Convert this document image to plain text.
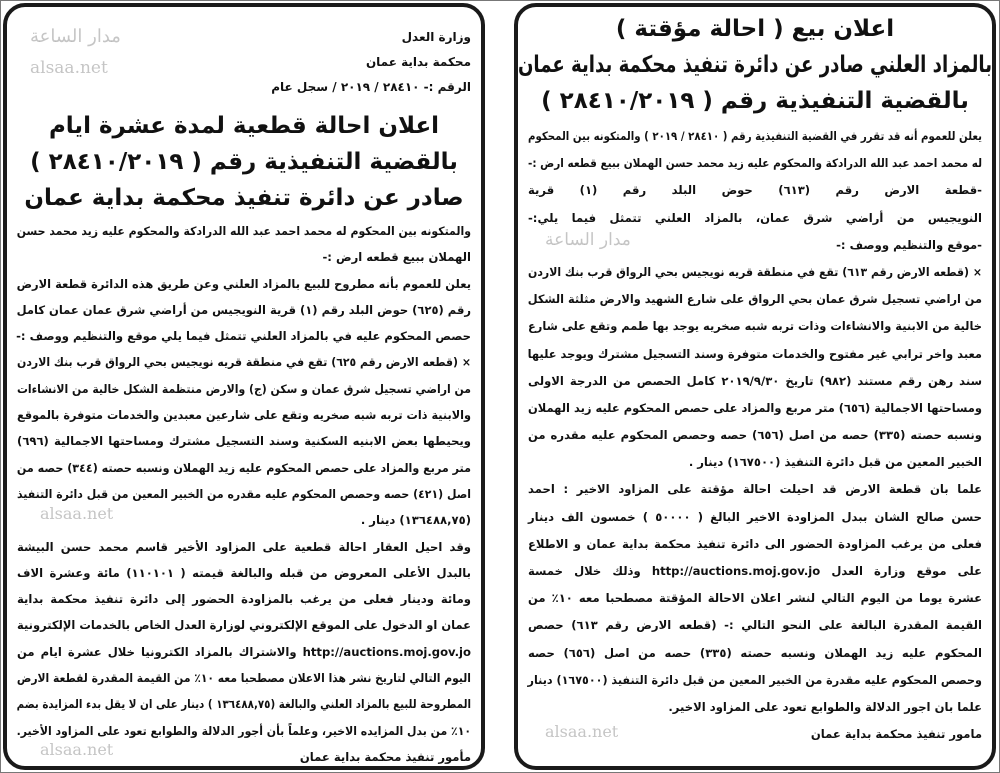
وزارة العدل
محكمة بداية عمان
الرقم :- ٢٨٤١٠ / ٢٠١٩ / سجل عام
اعلان احالة قطعية لمدة عشرة ايام
بالقضية التنفيذية رقم ( ٢٨٤١٠/٢٠١٩ )
صادر عن دائرة تنفيذ محكمة بداية عمان
والمتكونه بين المحكوم له محمد احمد عبد الله الدرادكة والمحكوم عليه زيد محمد حسن
الهملان ببيع قطعه ارض :-
يعلن للعموم بأنه مطروح للبيع بالمزاد العلني وعن طريق هذه الدائرة قطعة الارض
رقم (٦٢٥) حوض البلد رقم (١) قرية النويجيس من أراضي شرق عمان عمان كامل
حصص المحكوم عليه في بالمزاد العلني تتمثل فيما يلي موقع والتنظيم ووصف :-
× (قطعه الارض رقم ٦٢٥) تقع في منطقة قريه نويجيس بحي الرواق قرب بنك الاردن
من اراضي تسجيل شرق عمان و سكن (ج) والارض منتظمة الشكل خالية من الانشاءات
والابنية ذات تربه شبه صخريه وتقع على شارعين معبدين والخدمات متوفرة بالموقع
ويحيطها بعض الابنيه السكنية وسند التسجيل مشترك ومساحتها الاجمالية (٦٩٦)
متر مربع والمزاد على حصص المحكوم عليه زيد الهملان ونسبه حصته (٣٤٤) حصه من
اصل (٤٢١) حصه وحصص المحكوم عليه مقدره من الخبير المعين من قبل دائرة التنفيذ
(١٣٦٤٨٨,٧٥) دينار .
وقد احيل العقار احالة قطعية على المزاود الأخير قاسم محمد حسن البيشة
بالبدل الأعلى المعروض من قبله والبالغة قيمته ( ١١٠١٠١) مائة وعشرة الاف
ومائة ودينار فعلى من يرغب بالمزاودة الحضور إلى دائرة تنفيذ محكمة بداية
عمان او الدخول على الموقع الإلكتروني لوزارة العدل الخاص بالخدمات الإلكترونية
http://auctions.moj.gov.jo والاشتراك بالمزاد الكترونيا خلال عشرة ايام من
اليوم التالي لتاريخ نشر هذا الاعلان مصطحبا معه ١٠٪ من القيمة المقدرة لقطعة الارض
المطروحة للبيع بالمزاد العلني والبالغة (١٣٦٤٨٨,٧٥ ) دينار على ان لا يقل بدء المزايدة بضم
١٠٪ من بدل المزايده الاخير، وعلماً بأن أجور الدلالة والطوابع تعود على المزاود الأخير.
مأمور تنفيذ محكمة بداية عمان
اعلان بيع ( احالة مؤقتة )
بالمزاد العلني صادر عن دائرة تنفيذ محكمة بداية عمان
بالقضية التنفيذية رقم ( ٢٨٤١٠/٢٠١٩ )
يعلن للعموم أنه قد تقرر في القضية التنفيذية رقم ( ٢٨٤١٠ / ٢٠١٩ ) والمتكونه بين المحكوم
له محمد احمد عبد الله الدرادكة والمحكوم عليه زيد محمد حسن الهملان ببيع قطعه ارض :-
-قطعة الارض رقم (٦١٣) حوض البلد رقم (١) قرية
النويجيس من أراضي شرق عمان، بالمزاد العلني تتمثل فيما يلي:-
-موقع والتنظيم ووصف :-
× (قطعه الارض رقم ٦١٣) تقع في منطقة قريه نويجيس بحي الرواق قرب بنك الاردن
من اراضي تسجيل شرق عمان بحي الرواق على شارع الشهيد والارض مثلثة الشكل
خالية من الابنية والانشاءات وذات تربه شبه صخريه يوجد بها طمم وتقع على شارع
معبد واخر ترابي غير مفتوح والخدمات متوفرة وسند التسجيل مشترك ويوجد عليها
سند رهن رقم مستند (٩٨٢) تاريخ ٢٠١٩/٩/٣٠ كامل الحصص من الدرجة الاولى
ومساحتها الاجمالية (٦٥٦) متر مربع والمزاد على حصص المحكوم عليه زيد الهملان
ونسبه حصته (٣٣٥) حصه من اصل (٦٥٦) حصه وحصص المحكوم عليه مقدره من
الخبير المعين من قبل دائرة التنفيذ (١٦٧٥٠٠) دينار .
علما بان قطعة الارض قد احيلت احالة مؤقتة على المزاود الاخير : احمد
حسن صالح الشان ببدل المزاودة الاخير البالغ ( ٥٠٠٠٠ ) خمسون الف دينار
فعلى من يرغب المزاودة الحضور الى دائرة تنفيذ محكمة بداية عمان و الاطلاع
على موقع وزارة العدل http://auctions.moj.gov.jo وذلك خلال خمسة
عشرة يوما من اليوم التالي لنشر اعلان الاحالة المؤقتة مصطحبا معه ١٠٪ من
القيمة المقدرة البالغة على النحو التالي :- (قطعه الارض رقم ٦١٣) حصص
المحكوم عليه زيد الهملان ونسبه حصته (٣٣٥) حصه من اصل (٦٥٦) حصه
وحصص المحكوم عليه مقدرة من الخبير المعين من قبل دائرة التنفيذ (١٦٧٥٠٠) دينار
علما بان اجور الدلالة والطوابع تعود على المزاود الاخير.
مامور تنفيذ محكمة بداية عمان
مدار الساعة
alsaa.net
alsaa.net
alsaa.net
مدار الساعة
alsaa.net
